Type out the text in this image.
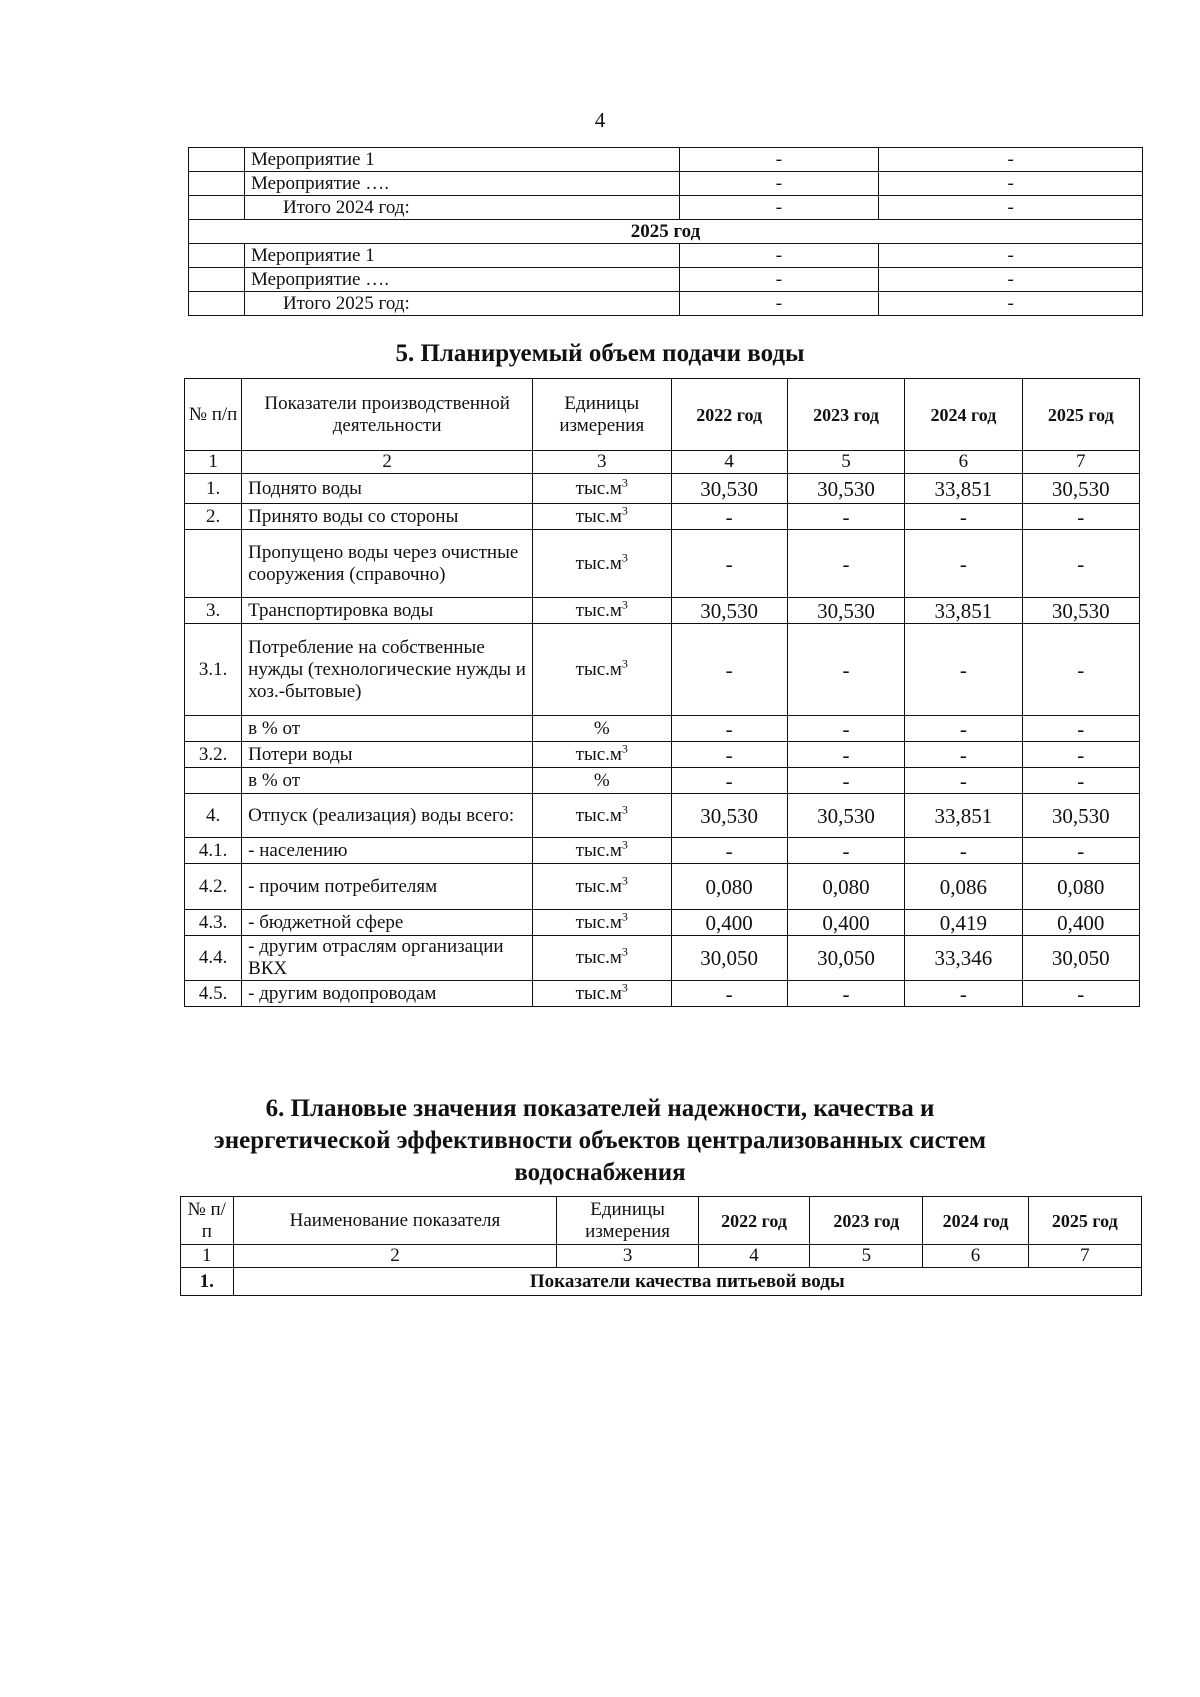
4
	Мероприятие 1	-	-
	Мероприятие ….	-	-
	Итого 2024 год:	-	-
2025 год			
	Мероприятие 1	-	-
	Мероприятие ….	-	-
	Итого 2025 год:	-	-
5. Планируемый объем подачи воды
№ п/п	Показатели производственной деятельности	Единицы измерения	2022 год	2023 год	2024 год	2025 год
1	2	3	4	5	6	7
1.	Поднято воды	$тыс.м^3$	30,530	30,530	33,851	30,530
2.	Принято воды со стороны	$тыс.м^3$	-	-	-	-
	Пропущено воды через очистные сооружения (справочно)	$тыс.м^3$	-	-	-	-
3.	Транспортировка воды	$тыс.м^3$	30,530	30,530	33,851	30,530
3.1.	Потребление на собственные нужды (технологические нужды и хоз.-бытовые)	$тыс.м^3$	-	-	-	-
	в % от	%	-	-	-	-
3.2.	Потери воды	$тыс.м^3$	-	-	-	-
	в % от	%	-	-	-	-
4.	Отпуск (реализация) воды всего:	$тыс.м^3$	30,530	30,530	33,851	30,530
4.1.	- населению	$тыс.м^3$	-	-	-	-
4.2.	- прочим потребителям	$тыс.м^3$	0,080	0,080	0,086	0,080
4.3.	- бюджетной сфере	$тыс.м^3$	0,400	0,400	0,419	0,400
4.4.	- другим отраслям организации ВКХ	$тыс.м^3$	30,050	30,050	33,346	30,050
4.5.	- другим водопроводам	$тыс.м^3$	-	-	-	-
6. Плановые значения показателей надежности, качества и
энергетической эффективности объектов централизованных систем
водоснабжения
№ п/п	Наименование показателя	Единицы измерения	2022 год	2023 год	2024 год	2025 год
1	2	3	4	5	6	7
1.	Показатели качества питьевой воды					
